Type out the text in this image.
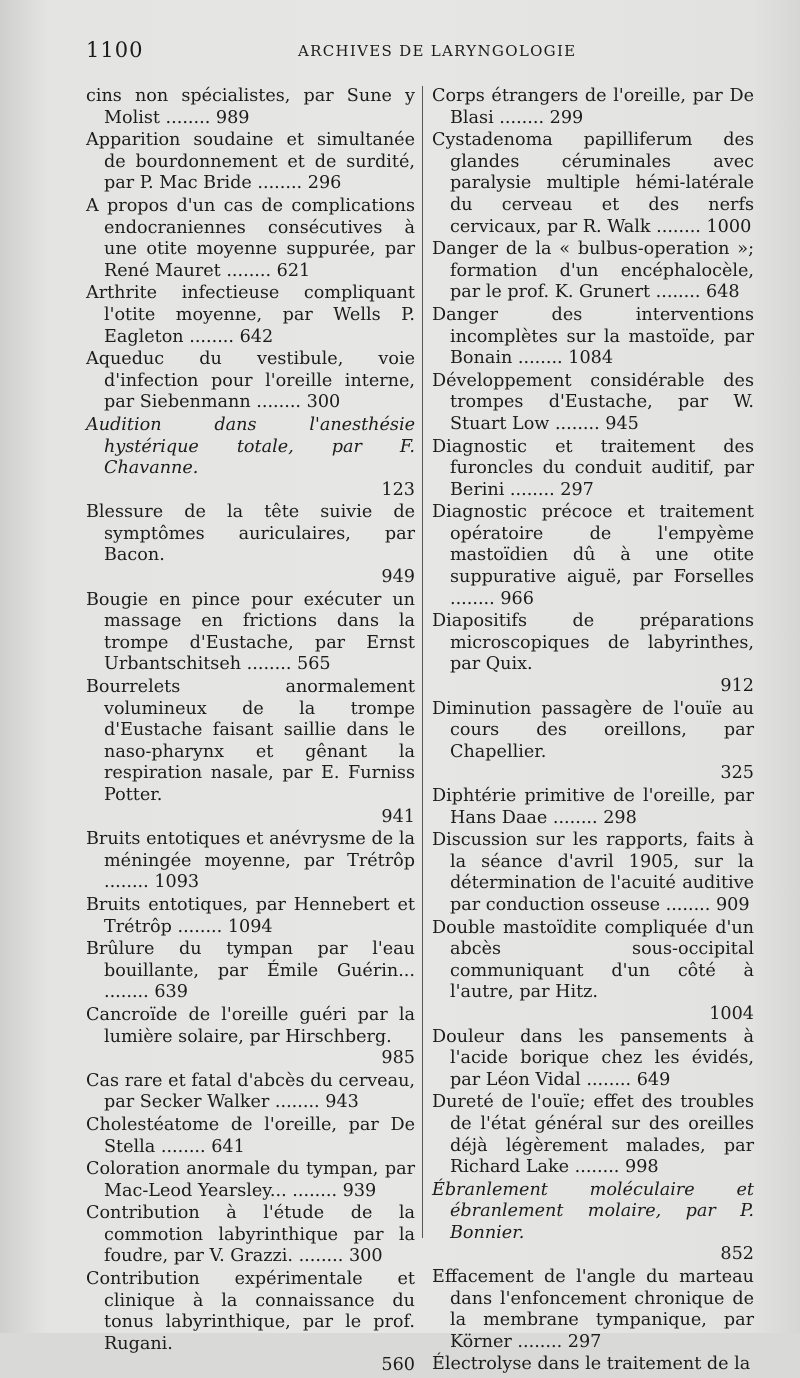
1100	ARCHIVES DE LARYNGOLOGIE
cins non spécialistes, par Sune y Molist ........ 989
Apparition soudaine et simultanée de bourdonnement et de surdité, par P. Mac Bride ........ 296
A propos d'un cas de complications endocraniennes consécutives à une otite moyenne suppurée, par René Mauret ........ 621
Arthrite infectieuse compliquant l'otite moyenne, par Wells P. Eagleton ........ 642
Aqueduc du vestibule, voie d'infection pour l'oreille interne, par Siebenmann ........ 300
Audition dans l'anesthésie hystérique totale, par F. Chavanne.
123
Blessure de la tête suivie de symptômes auriculaires, par Bacon.
949
Bougie en pince pour exécuter un massage en frictions dans la trompe d'Eustache, par Ernst Urbantschitseh ........ 565
Bourrelets anormalement volumineux de la trompe d'Eustache faisant saillie dans le naso-pharynx et gênant la respiration nasale, par E. Furniss Potter.
941
Bruits entotiques et anévrysme de la méningée moyenne, par Trétrôp ........ 1093
Bruits entotiques, par Hennebert et Trétrôp ........ 1094
Brûlure du tympan par l'eau bouillante, par Émile Guérin... ........ 639
Cancroïde de l'oreille guéri par la lumière solaire, par Hirschberg.
985
Cas rare et fatal d'abcès du cerveau, par Secker Walker ........ 943
Cholestéatome de l'oreille, par De Stella ........ 641
Coloration anormale du tympan, par Mac-Leod Yearsley... ........ 939
Contribution à l'étude de la commotion labyrinthique par la foudre, par V. Grazzi. ........ 300
Contribution expérimentale et clinique à la connaissance du tonus labyrinthique, par le prof. Rugani.
560
Corps étrangers de l'oreille, par De Blasi ........ 299
Cystadenoma papilliferum des glandes céruminales avec paralysie multiple hémi-latérale du cerveau et des nerfs cervicaux, par R. Walk ........ 1000
Danger de la « bulbus-operation »; formation d'un encéphalocèle, par le prof. K. Grunert ........ 648
Danger des interventions incomplètes sur la mastoïde, par Bonain ........ 1084
Développement considérable des trompes d'Eustache, par W. Stuart Low ........ 945
Diagnostic et traitement des furoncles du conduit auditif, par Berini ........ 297
Diagnostic précoce et traitement opératoire de l'empyème mastoïdien dû à une otite suppurative aiguë, par Forselles ........ 966
Diapositifs de préparations microscopiques de labyrinthes, par Quix.
912
Diminution passagère de l'ouïe au cours des oreillons, par Chapellier.
325
Diphtérie primitive de l'oreille, par Hans Daae ........ 298
Discussion sur les rapports, faits à la séance d'avril 1905, sur la détermination de l'acuité auditive par conduction osseuse ........ 909
Double mastoïdite compliquée d'un abcès sous-occipital communiquant d'un côté à l'autre, par Hitz.
1004
Douleur dans les pansements à l'acide borique chez les évidés, par Léon Vidal ........ 649
Dureté de l'ouïe; effet des troubles de l'état général sur des oreilles déjà légèrement malades, par Richard Lake ........ 998
Ébranlement moléculaire et ébranlement molaire, par P. Bonnier.
852
Effacement de l'angle du marteau dans l'enfoncement chronique de la membrane tympanique, par Körner ........ 297
Électrolyse dans le traitement de la
